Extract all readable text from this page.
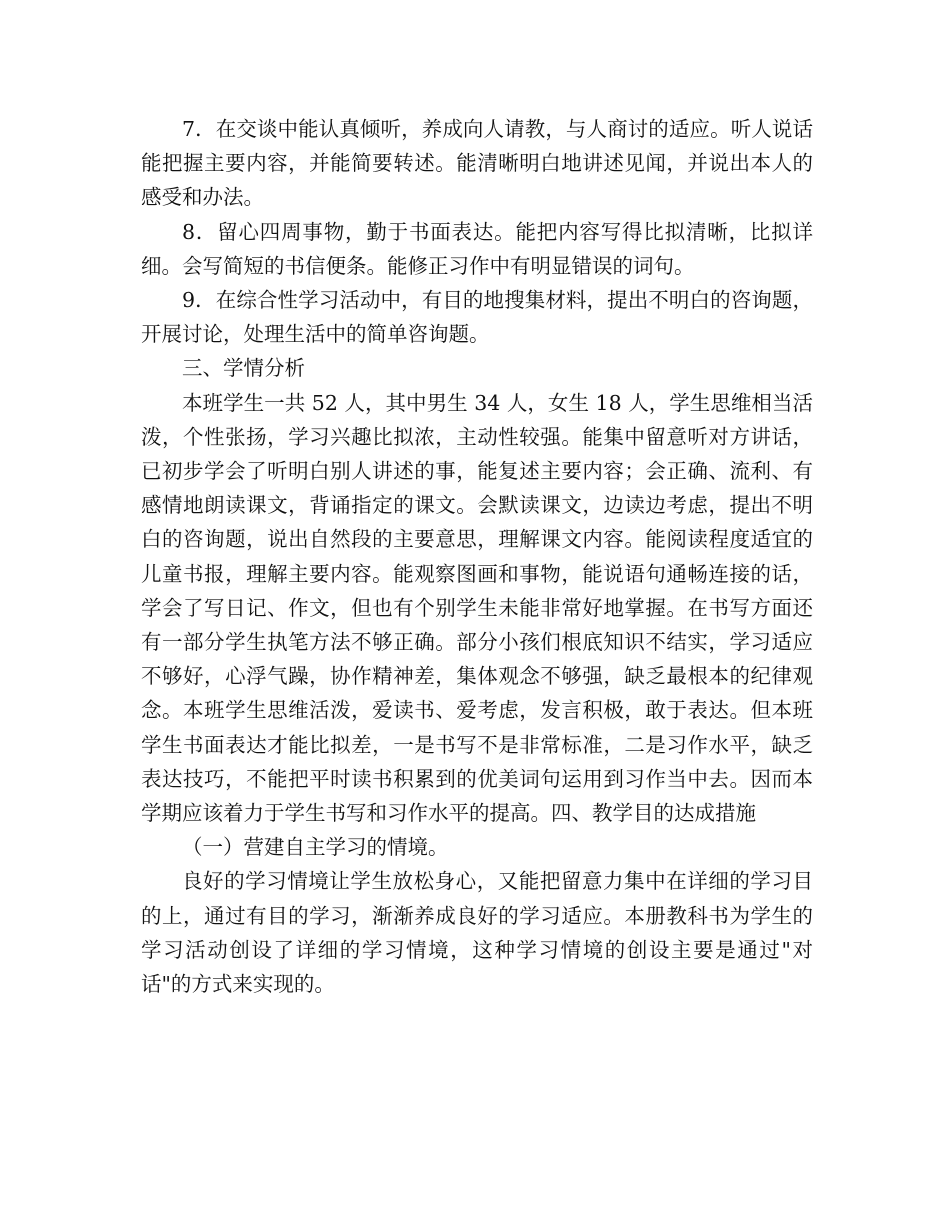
7．在交谈中能认真倾听，养成向人请教，与人商讨的适应。听人说话能把握主要内容，并能简要转述。能清晰明白地讲述见闻，并说出本人的感受和办法。

8．留心四周事物，勤于书面表达。能把内容写得比拟清晰，比拟详细。会写简短的书信便条。能修正习作中有明显错误的词句。

9．在综合性学习活动中，有目的地搜集材料，提出不明白的咨询题，开展讨论，处理生活中的简单咨询题。

三、学情分析

本班学生一共 52 人，其中男生 34 人，女生 18 人，学生思维相当活泼，个性张扬，学习兴趣比拟浓，主动性较强。能集中留意听对方讲话，已初步学会了听明白别人讲述的事，能复述主要内容；会正确、流利、有感情地朗读课文，背诵指定的课文。会默读课文，边读边考虑，提出不明白的咨询题，说出自然段的主要意思，理解课文内容。能阅读程度适宜的儿童书报，理解主要内容。能观察图画和事物，能说语句通畅连接的话，学会了写日记、作文，但也有个别学生未能非常好地掌握。在书写方面还有一部分学生执笔方法不够正确。部分小孩们根底知识不结实，学习适应不够好，心浮气躁，协作精神差，集体观念不够强，缺乏最根本的纪律观念。本班学生思维活泼，爱读书、爱考虑，发言积极，敢于表达。但本班学生书面表达才能比拟差，一是书写不是非常标准，二是习作水平，缺乏表达技巧，不能把平时读书积累到的优美词句运用到习作当中去。因而本学期应该着力于学生书写和习作水平的提高。四、教学目的达成措施

（一）营建自主学习的情境。

良好的学习情境让学生放松身心，又能把留意力集中在详细的学习目的上，通过有目的学习，渐渐养成良好的学习适应。本册教科书为学生的学习活动创设了详细的学习情境，这种学习情境的创设主要是通过"对话"的方式来实现的。
